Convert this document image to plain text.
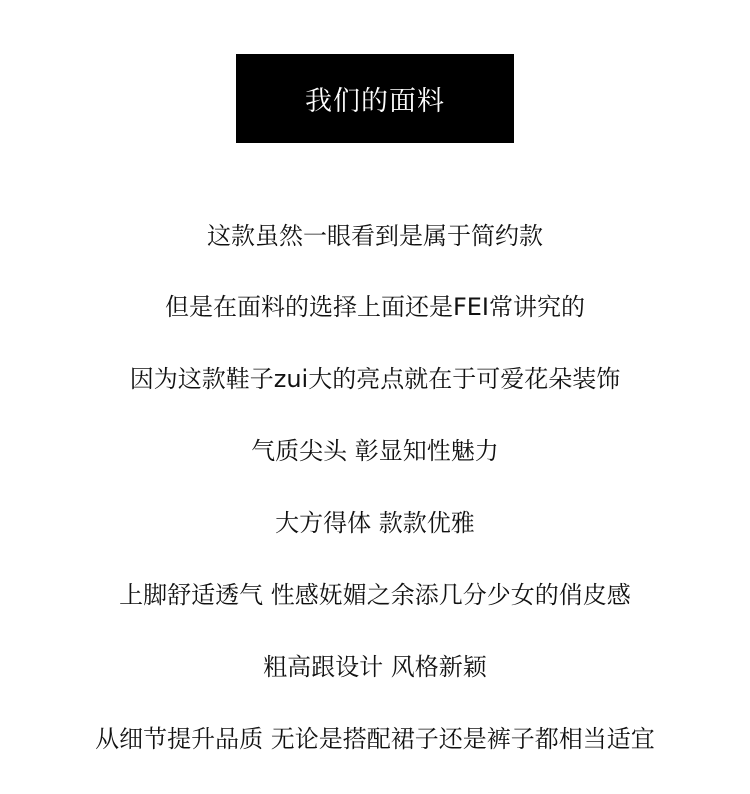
我们的面料
这款虽然一眼看到是属于简约款
但是在面料的选择上面还是FEI常讲究的
因为这款鞋子zui大的亮点就在于可爱花朵装饰
气质尖头 彰显知性魅力
大方得体 款款优雅
上脚舒适透气 性感妩媚之余添几分少女的俏皮感
粗高跟设计 风格新颖
从细节提升品质 无论是搭配裙子还是裤子都相当适宜
